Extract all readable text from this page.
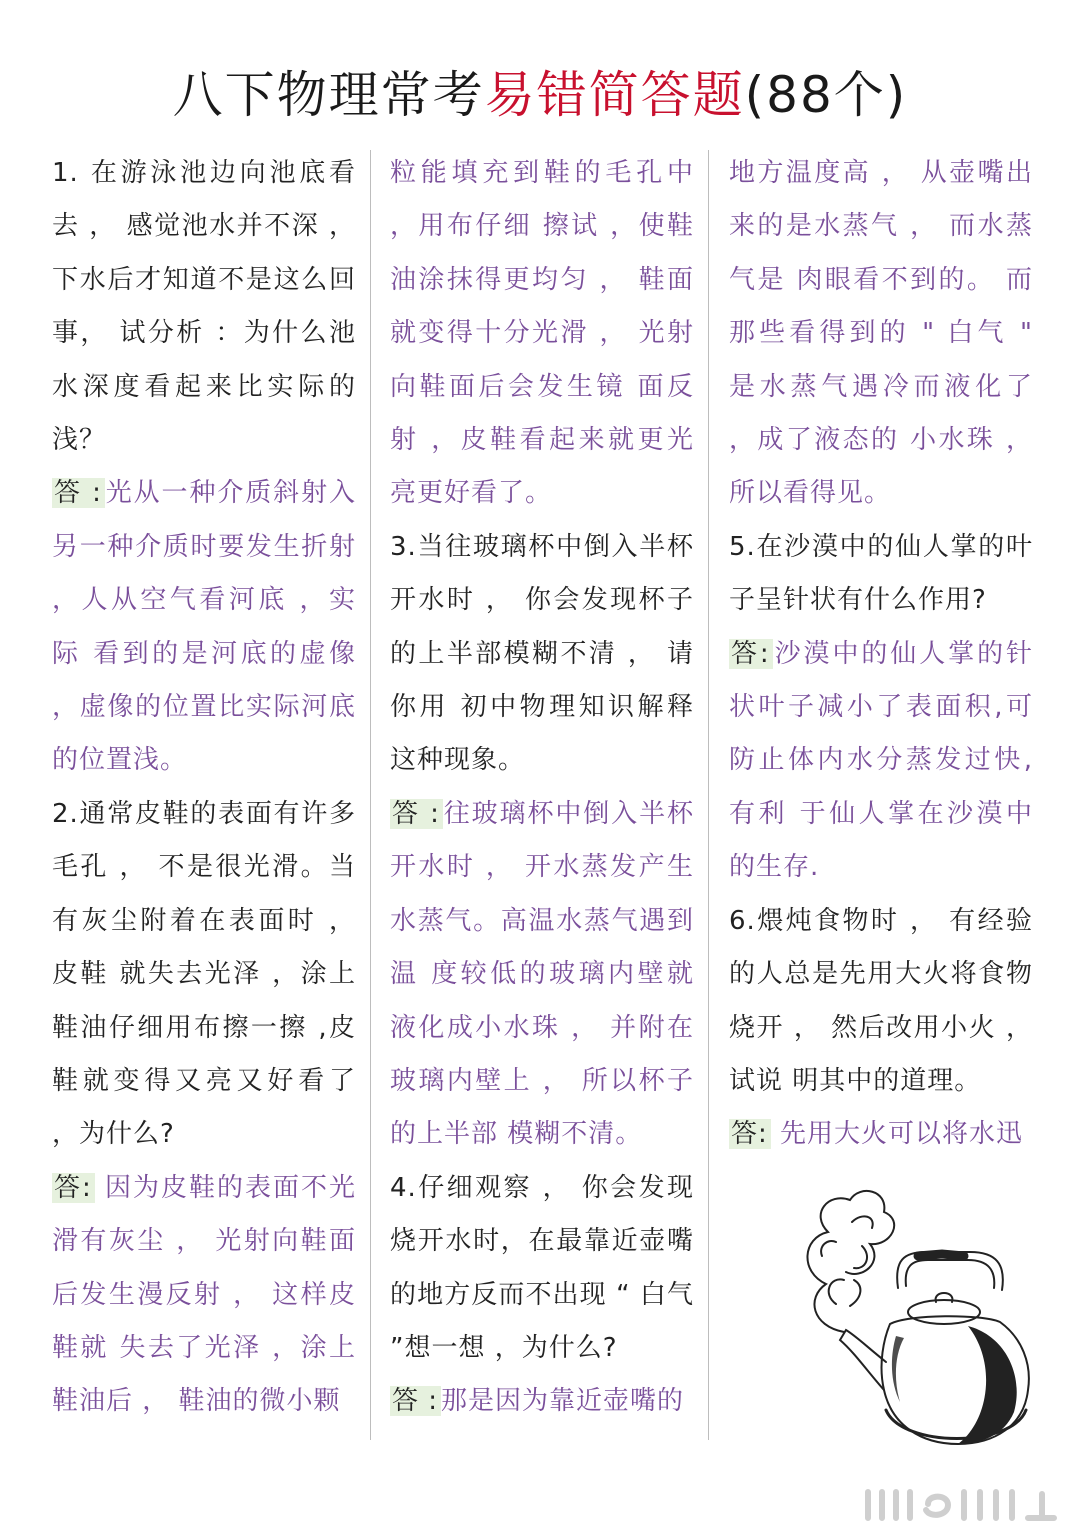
八下物理常考易错简答题(88个)

1. 在游泳池边向池底看去 ， 感觉池水并不深 ，下水后才知道不是这么回事， 试分析 ：为什么池水深度看起来比实际的浅？

答 : 光从一种介质斜射入另一种介质时要发生折射 ，人从空气看河底 ，实际 看到的是河底的虚像 ，虚像的位置比实际河底的位置浅。

2.通常皮鞋的表面有许多毛孔 ， 不是很光滑。当有灰尘附着在表面时 ，皮鞋 就失去光泽 ，涂上鞋油仔细用布擦一擦 ,皮鞋就变得又亮又好看了 ，为什么?

答: 因为皮鞋的表面不光滑有灰尘 ， 光射向鞋面后发生漫反射 ， 这样皮鞋就 失去了光泽 ，涂上鞋油后 ， 鞋油的微小颗

粒能填充到鞋的毛孔中 ，用布仔细 擦试 ，使鞋油涂抹得更均匀 ， 鞋面就变得十分光滑 ， 光射向鞋面后会发生镜 面反射 ，皮鞋看起来就更光亮更好看了。

3.当往玻璃杯中倒入半杯开水时 ， 你会发现杯子的上半部模糊不清 ， 请你用 初中物理知识解释这种现象。

答 : 往玻璃杯中倒入半杯开水时 ， 开水蒸发产生水蒸气。高温水蒸气遇到温 度较低的玻璃内壁就液化成小水珠 ， 并附在玻璃内壁上 ， 所以杯子的上半部 模糊不清。

4.仔细观察 ， 你会发现烧开水时，在最靠近壶嘴的地方反而不出现 “ 白气 ”想一想 ，为什么?

答 : 那是因为靠近壶嘴的

地方温度高 ， 从壶嘴出来的是水蒸气 ， 而水蒸气是 肉眼看不到的。 而那些看得到的 " 白气 " 是水蒸气遇冷而液化了 ，成了液态的 小水珠 ，所以看得见。

5.在沙漠中的仙人掌的叶子呈针状有什么作用?

答: 沙漠中的仙人掌的针状叶子减小了表面积,可防止体内水分蒸发过快,有利 于仙人掌在沙漠中的生存.

6.煨炖食物时 ， 有经验的人总是先用大火将食物烧开 ， 然后改用小火 ，试说 明其中的道理。

答: 先用大火可以将水迅
